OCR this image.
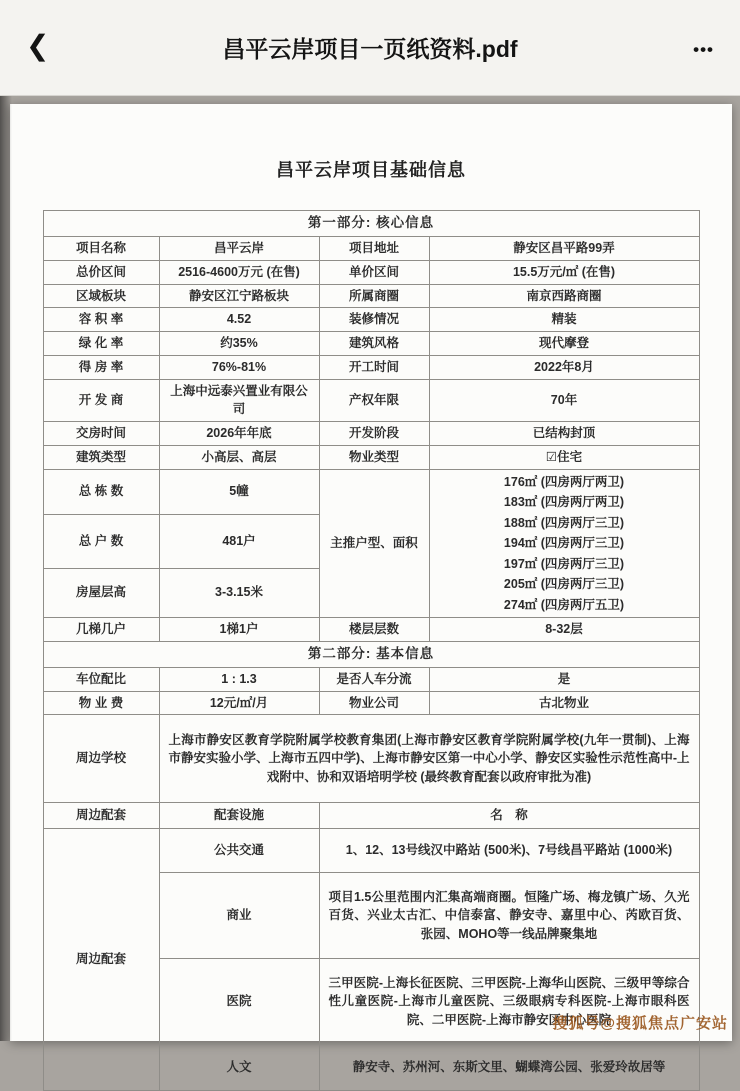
❮	昌平云岸项目一页纸资料.pdf	•••
昌平云岸项目基础信息
第一部分: 核心信息			
项目名称	昌平云岸	项目地址	静安区昌平路99弄
总价区间	2516-4600万元 (在售)	单价区间	15.5万元/㎡ (在售)
区域板块	静安区江宁路板块	所属商圈	南京西路商圈
容 积 率	4.52	装修情况	精装
绿 化 率	约35%	建筑风格	现代摩登
得 房 率	76%-81%	开工时间	2022年8月
开 发 商	上海中远泰兴置业有限公司	产权年限	70年
交房时间	2026年年底	开发阶段	已结构封顶
建筑类型	小高层、高层	物业类型	☑住宅
总 栋 数	5幢	主推户型、面积	
176㎡ (四房两厅两卫)
183㎡ (四房两厅两卫)
188㎡ (四房两厅三卫)
194㎡ (四房两厅三卫)
197㎡ (四房两厅三卫)
205㎡ (四房两厅三卫)
274㎡ (四房两厅五卫)

总 户 数	481户		
房屋层高	3-3.15米		
几梯几户	1梯1户	楼层层数	8-32层
第二部分: 基本信息			
车位配比	1 : 1.3	是否人车分流	是
物 业 费	12元/㎡/月	物业公司	古北物业
周边学校	上海市静安区教育学院附属学校教育集团(上海市静安区教育学院附属学校(九年一贯制)、上海市静安实验小学、上海市五四中学)、上海市静安区第一中心小学、静安区实验性示范性高中-上戏附中、协和双语培明学校 (最终教育配套以政府审批为准)		
周边配套	配套设施	名　称	
周边配套	公共交通	1、12、13号线汉中路站 (500米)、7号线昌平路站 (1000米)	
	商业	项目1.5公里范围内汇集高端商圈。恒隆广场、梅龙镇广场、久光百货、兴业太古汇、中信泰富、静安寺、嘉里中心、芮欧百货、张园、MOHO等一线品牌聚集地	
	医院	三甲医院-上海长征医院、三甲医院-上海华山医院、三级甲等综合性儿童医院-上海市儿童医院、三级眼病专科医院-上海市眼科医院、二甲医院-上海市静安区中心医院	
	人文	静安寺、苏州河、东斯文里、蝴蝶湾公园、张爱玲故居等	
搜狐号@搜狐焦点广安站
